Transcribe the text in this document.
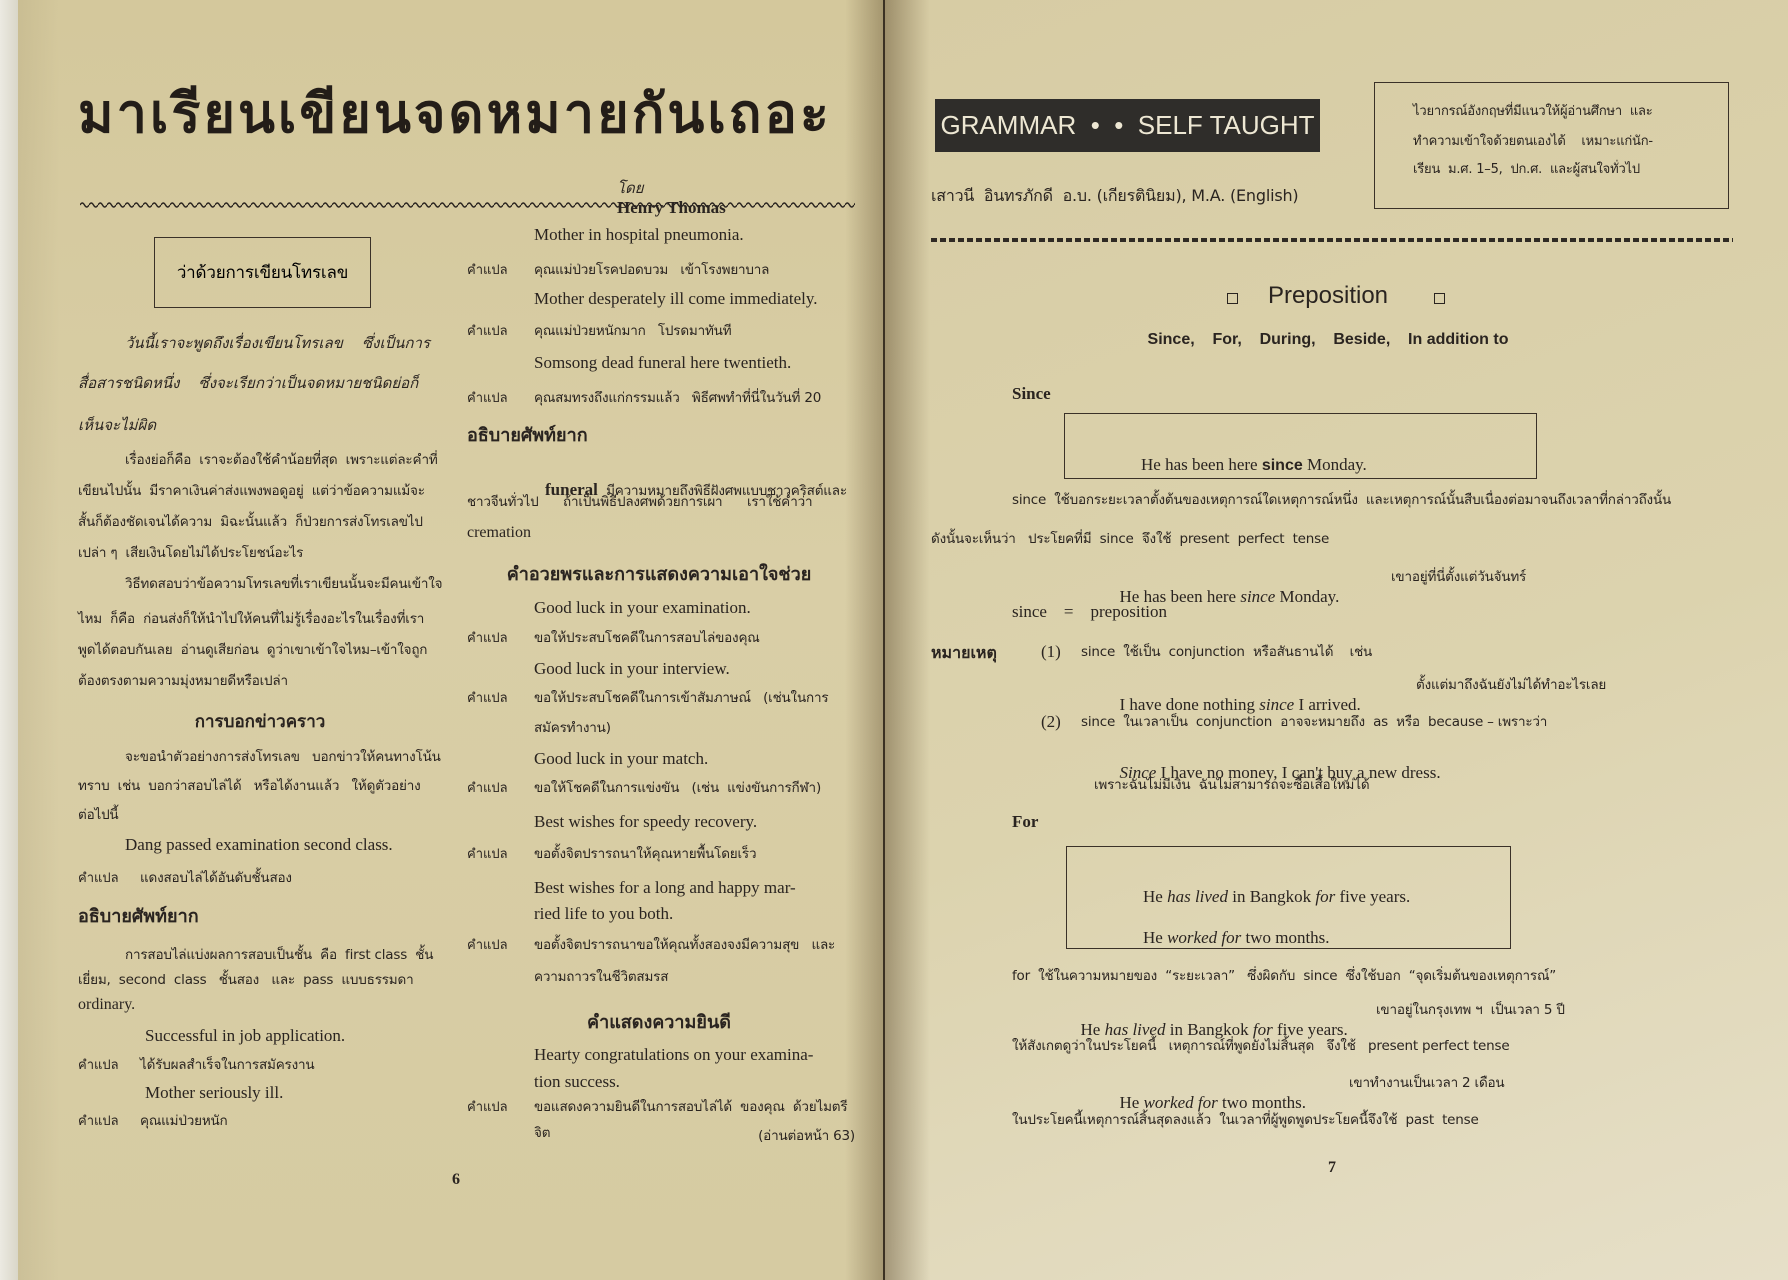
มาเรียนเขียนจดหมายกันเถอะ

โดย

ว่าด้วยการเขียนโทรเลข
วันนี้เราจะพูดถึงเรื่องเขียนโทรเลข    ซึ่งเป็นการ
สื่อสารชนิดหนึ่ง    ซึ่งจะเรียกว่าเป็นจดหมายชนิดย่อก็
เห็นจะไม่ผิด
เรื่องย่อก็คือ  เราจะต้องใช้คำน้อยที่สุด  เพราะแต่ละคำที่
เขียนไปนั้น  มีราคาเงินค่าส่งแพงพอดูอยู่  แต่ว่าข้อความแม้จะ
สั้นก็ต้องชัดเจนได้ความ  มิฉะนั้นแล้ว  ก็ป่วยการส่งโทรเลขไป
เปล่า ๆ  เสียเงินโดยไม่ได้ประโยชน์อะไร
วิธีทดสอบว่าข้อความโทรเลขที่เราเขียนนั้นจะมีคนเข้าใจ
ไหม  ก็คือ  ก่อนส่งก็ให้นำไปให้คนที่ไม่รู้เรื่องอะไรในเรื่องที่เรา
พูดได้ตอบกันเลย  อ่านดูเสียก่อน  ดูว่าเขาเข้าใจไหม–เข้าใจถูก
ต้องตรงตามความมุ่งหมายดีหรือเปล่า
การบอกข่าวคราว
จะขอนำตัวอย่างการส่งโทรเลข   บอกข่าวให้คนทางโน้น
ทราบ  เช่น  บอกว่าสอบไล่ได้   หรือได้งานแล้ว   ให้ดูตัวอย่าง
ต่อไปนี้
Dang passed examination second class.
คำแปล แดงสอบไล่ได้อันดับชั้นสอง
อธิบายศัพท์ยาก
การสอบไล่แบ่งผลการสอบเป็นชั้น  คือ  first class  ชั้น
เยี่ยม,  second  class   ชั้นสอง   และ  pass  แบบธรรมดา
ordinary.
Successful in job application.
คำแปล ได้รับผลสำเร็จในการสมัครงาน
Mother seriously ill.
คำแปล คุณแม่ป่วยหนัก
Mother in hospital pneumonia.
คำแปล คุณแม่ป่วยโรคปอดบวม   เข้าโรงพยาบาล
Mother desperately ill come immediately.
คำแปล คุณแม่ป่วยหนักมาก   โปรดมาทันที
Somsong dead funeral here twentieth.
คำแปล คุณสมทรงถึงแก่กรรมแล้ว   พิธีศพทำที่นี่ในวันที่ 20
อธิบายศัพท์ยาก

funeral  มีความหมายถึงพิธีฝังศพแบบชาวคริสต์และ

ชาวจีนทั่วไป      ถ้าเป็นพิธีปลงศพด้วยการเผา      เราใช้คำว่า
cremation
คำอวยพรและการแสดงความเอาใจช่วย
Good luck in your examination.
คำแปล ขอให้ประสบโชคดีในการสอบไล่ของคุณ
Good luck in your interview.
คำแปล ขอให้ประสบโชคดีในการเข้าสัมภาษณ์   (เช่นในการ
สมัครทำงาน)
Good luck in your match.
คำแปล ขอให้โชคดีในการแข่งขัน   (เช่น  แข่งขันการกีฬา)
Best wishes for speedy recovery.
คำแปล ขอตั้งจิตปรารถนาให้คุณหายพื้นโดยเร็ว
Best wishes for a long and happy mar-
ried life to you both.
คำแปล ขอตั้งจิตปรารถนาขอให้คุณทั้งสองจงมีความสุข   และ
ความถาวรในชีวิตสมรส
คำแสดงความยินดี
Hearty congratulations on your examina-
tion success.
คำแปล ขอแสดงความยินดีในการสอบไล่ได้  ของคุณ  ด้วยไมตรี
จิต	(อ่านต่อหน้า 63)
6
GRAMMAR  •  •  SELF TAUGHT	ไวยากรณ์อังกฤษที่มีแนวให้ผู้อ่านศึกษา  และ
ทำความเข้าใจด้วยตนเองได้    เหมาะแก่นัก-
เรียน  ม.ศ. 1–5,  ปก.ศ.  และผู้สนใจทั่วไป
เสาวนี  อินทรภักดี  อ.บ. (เกียรตินิยม), M.A. (English)
Preposition
Since,    For,    During,    Beside,    In addition to
Since

He has been here since Monday.

since  ใช้บอกระยะเวลาตั้งต้นของเหตุการณ์ใดเหตุการณ์หนึ่ง  และเหตุการณ์นั้นสืบเนื่องต่อมาจนถึงเวลาที่กล่าวถึงนั้น
ดังนั้นจะเห็นว่า   ประโยคที่มี  since  จึงใช้  present  perfect  tense

He has been here since Monday.

เขาอยู่ที่นี่ตั้งแต่วันจันทร์
since    =    preposition
หมายเหตุ	(1) since  ใช้เป็น  conjunction  หรือสันธานได้    เช่น

I have done nothing since I arrived.

ตั้งแต่มาถึงฉันยังไม่ได้ทำอะไรเลย
(2) since  ในเวลาเป็น  conjunction  อาจจะหมายถึง  as  หรือ  because – เพราะว่า

Since I have no money, I can't buy a new dress.

เพราะฉันไม่มีเงิน  ฉันไม่สามารถจะซื้อเสื้อใหม่ได้
For

He has lived in Bangkok for five years.

He worked for two months.

for  ใช้ในความหมายของ  “ระยะเวลา”   ซึ่งผิดกับ  since  ซึ่งใช้บอก  “จุดเริ่มต้นของเหตุการณ์”

He has lived in Bangkok for five years.

เขาอยู่ในกรุงเทพ ฯ  เป็นเวลา 5 ปี
ให้สังเกตดูว่าในประโยคนี้   เหตุการณ์ที่พูดยังไม่สิ้นสุด   จึงใช้   present perfect tense

He worked for two months.

เขาทำงานเป็นเวลา 2 เดือน
ในประโยคนี้เหตุการณ์สิ้นสุดลงแล้ว  ในเวลาที่ผู้พูดพูดประโยคนี้จึงใช้  past  tense
7
